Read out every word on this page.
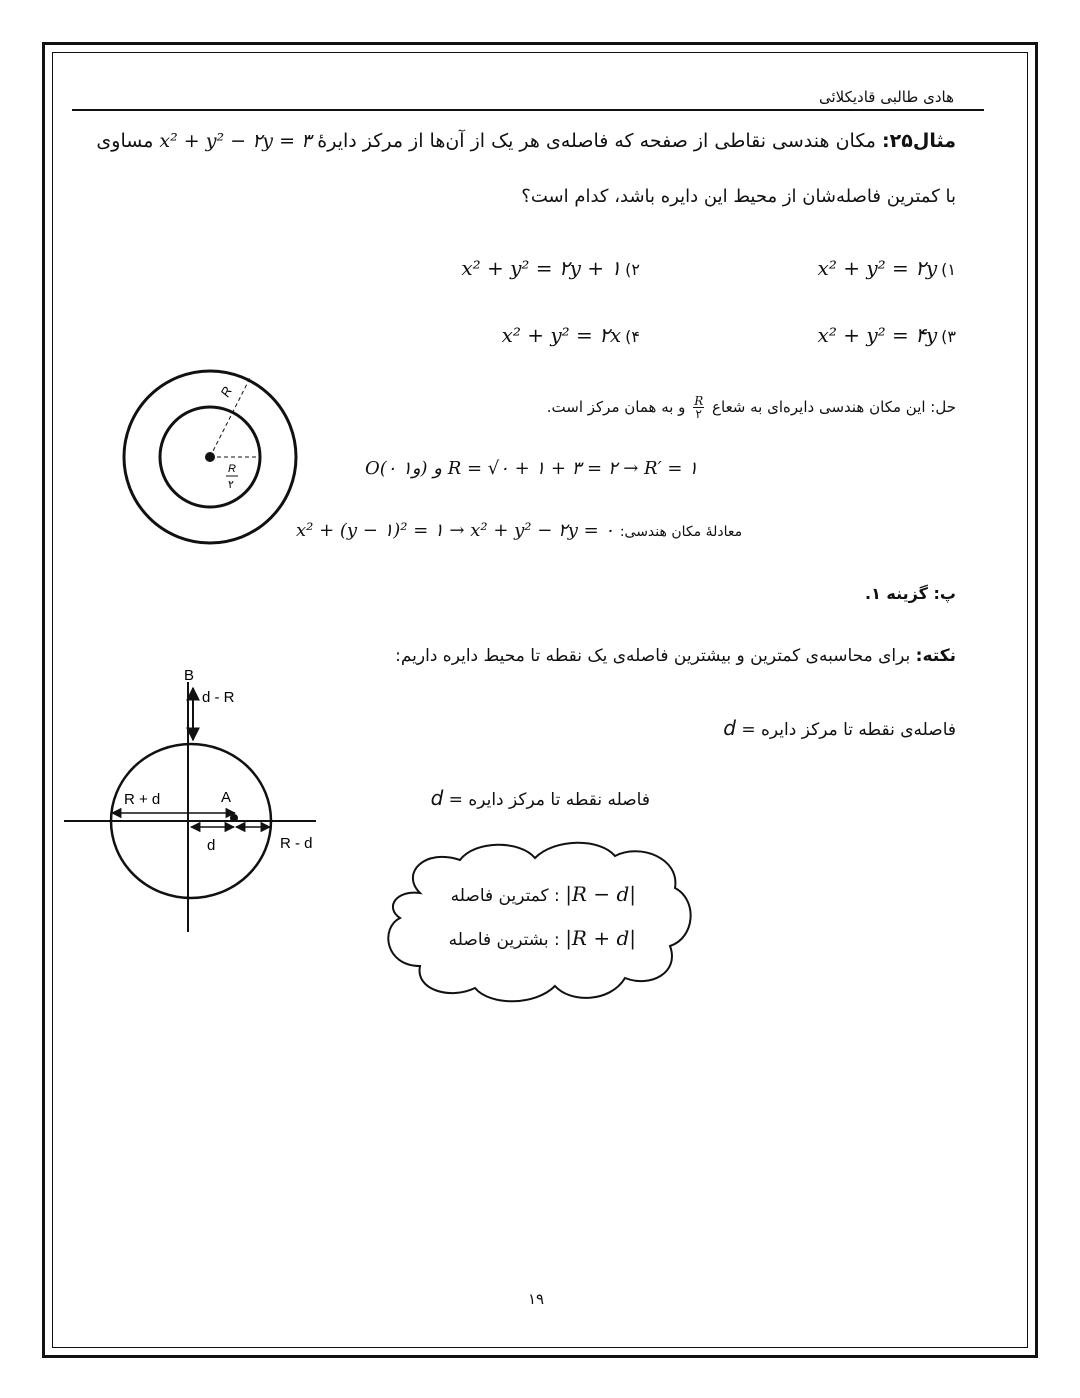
هادی طالبی قادیکلائی
مثال۲۵: مکان هندسی نقاطی از صفحه که فاصله‌ی هر یک از آن‌ها از مرکز دایرهٔ x² + y² − ۲y = ۳ مساوی
با کمترین فاصله‌شان از محیط این دایره باشد، کدام است؟
۱)x² + y² = ۲y
۲)x² + y² = ۲y + ۱
۳)x² + y² = ۴y
۴)x² + y² = ۲x
حل: این مکان هندسی دایره‌ای به شعاع
$\frac{R}{۲}$
و به همان مرکز است.
O(۰ و۱) و R = √۰ + ۱ + ۳ = ۲ → R′ = ۱
معادلهٔ مکان هندسی: x² + (y − ۱)² = ۱ → x² + y² − ۲y = ۰
پ: گزینه ۱.
نکته: برای محاسبه‌ی کمترین و بیشترین فاصله‌ی یک نقطه تا محیط دایره داریم:
فاصله‌ی نقطه تا مرکز دایره = d
فاصله نقطه تا مرکز دایره = d
R
R
۲
B
d - R
R + d	A
d	R - d
|R − d| : کمترین فاصله
|R + d| : بشترین فاصله
۱۹
